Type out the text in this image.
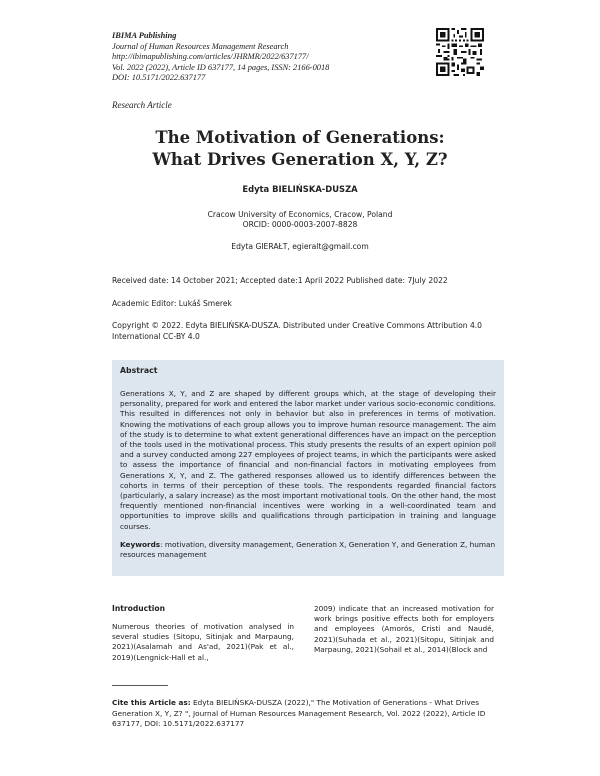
IBIMA Publishing
Journal of Human Resources Management Research
http://ibimapublishing.com/articles/JHRMR/2022/637177/
Vol. 2022 (2022), Article ID 637177, 14 pages, ISSN: 2166-0018
DOI: 10.5171/2022.637177
Research Article
The Motivation of Generations:
What Drives Generation X, Y, Z?
Edyta BIELIŃSKA-DUSZA
Cracow University of Economics, Cracow, Poland
ORCID: 0000-0003-2007-8828
Edyta GIERAŁT, egieralt@gmail.com
Received date: 14 October 2021; Accepted date:1 April 2022 Published date: 7July 2022
Academic Editor: Lukáš Smerek
Copyright © 2022. Edyta BIELIŃSKA-DUSZA. Distributed under Creative Commons Attribution 4.0 International CC-BY 4.0
Abstract

Generations X, Y, and Z are shaped by different groups which, at the stage of developing their personality, prepared for work and entered the labor market under various socio-economic conditions. This resulted in differences not only in behavior but also in preferences in terms of motivation. Knowing the motivations of each group allows you to improve human resource management. The aim of the study is to determine to what extent generational differences have an impact on the perception of the tools used in the motivational process. This study presents the results of an expert opinion poll and a survey conducted among 227 employees of project teams, in which the participants were asked to assess the importance of financial and non-financial factors in motivating employees from Generations X, Y, and Z. The gathered responses allowed us to identify differences between the cohorts in terms of their perception of these tools. The respondents regarded financial factors (particularly, a salary increase) as the most important motivational tools. On the other hand, the most frequently mentioned non-financial incentives were working in a well-coordinated team and opportunities to improve skills and qualifications through participation in training and language courses.

Keywords: motivation, diversity management, Generation X, Generation Y, and Generation Z, human resources management

Introduction
Numerous theories of motivation analysed in several studies (Sitopu, Sitinjak and Marpaung, 2021)(Asalamah and As'ad, 2021)(Pak et al., 2019)(Lengnick-Hall et al.,
2009) indicate that an increased motivation for work brings positive effects both for employers and employees (Amorós, Cristi and Naudé, 2021)(Suhada et al., 2021)(Sitopu, Sitinjak and Marpaung, 2021)(Sohail et al., 2014)(Block and
Cite this Article as: Edyta BIELIŃSKA-DUSZA (2022)," The Motivation of Generations - What Drives Generation X, Y, Z? ", Journal of Human Resources Management Research, Vol. 2022 (2022), Article ID 637177, DOI: 10.5171/2022.637177
